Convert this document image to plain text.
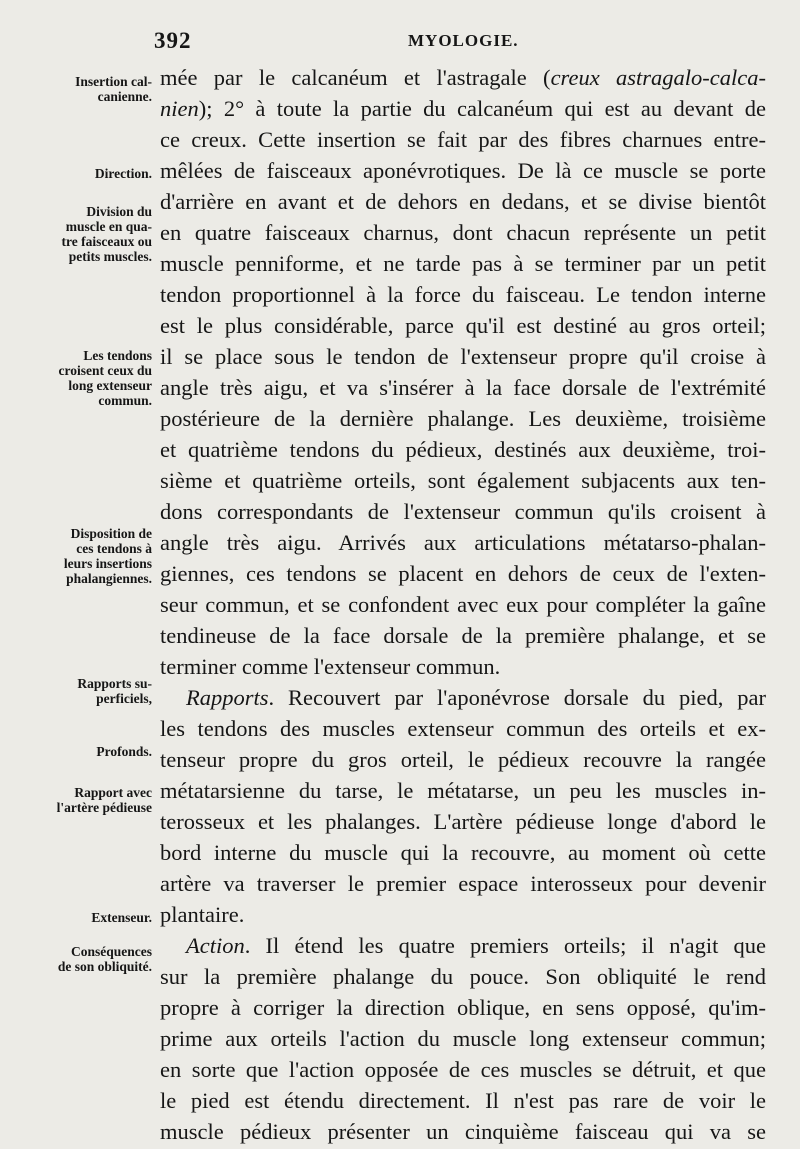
392	MYOLOGIE.
Insertion cal-
canienne.
Direction.
Division du
muscle en qua-
tre faisceaux ou
petits muscles.
Les tendons
croisent ceux du
long extenseur
commun.
Disposition de
ces tendons à
leurs insertions
phalangiennes.
Rapports su-
perficiels,
Profonds.
Rapport avec
l'artère pédieuse
Extenseur.
Conséquences
de son obliquité.
mée par le calcanéum et l'astragale (creux astragalo-calca-
nien); 2° à toute la partie du calcanéum qui est au devant de
ce creux. Cette insertion se fait par des fibres charnues entre-
mêlées de faisceaux aponévrotiques. De là ce muscle se porte
d'arrière en avant et de dehors en dedans, et se divise bientôt
en quatre faisceaux charnus, dont chacun représente un petit
muscle penniforme, et ne tarde pas à se terminer par un petit
tendon proportionnel à la force du faisceau. Le tendon interne
est le plus considérable, parce qu'il est destiné au gros orteil;
il se place sous le tendon de l'extenseur propre qu'il croise à
angle très aigu, et va s'insérer à la face dorsale de l'extrémité
postérieure de la dernière phalange. Les deuxième, troisième
et quatrième tendons du pédieux, destinés aux deuxième, troi-
sième et quatrième orteils, sont également subjacents aux ten-
dons correspondants de l'extenseur commun qu'ils croisent à
angle très aigu. Arrivés aux articulations métatarso-phalan-
giennes, ces tendons se placent en dehors de ceux de l'exten-
seur commun, et se confondent avec eux pour compléter la gaîne
tendineuse de la face dorsale de la première phalange, et se
terminer comme l'extenseur commun.
Rapports. Recouvert par l'aponévrose dorsale du pied, par
les tendons des muscles extenseur commun des orteils et ex-
tenseur propre du gros orteil, le pédieux recouvre la rangée
métatarsienne du tarse, le métatarse, un peu les muscles in-
terosseux et les phalanges. L'artère pédieuse longe d'abord le
bord interne du muscle qui la recouvre, au moment où cette
artère va traverser le premier espace interosseux pour devenir
plantaire.
Action. Il étend les quatre premiers orteils; il n'agit que
sur la première phalange du pouce. Son obliquité le rend
propre à corriger la direction oblique, en sens opposé, qu'im-
prime aux orteils l'action du muscle long extenseur commun;
en sorte que l'action opposée de ces muscles se détruit, et que
le pied est étendu directement. Il n'est pas rare de voir le
muscle pédieux présenter un cinquième faisceau qui va se
